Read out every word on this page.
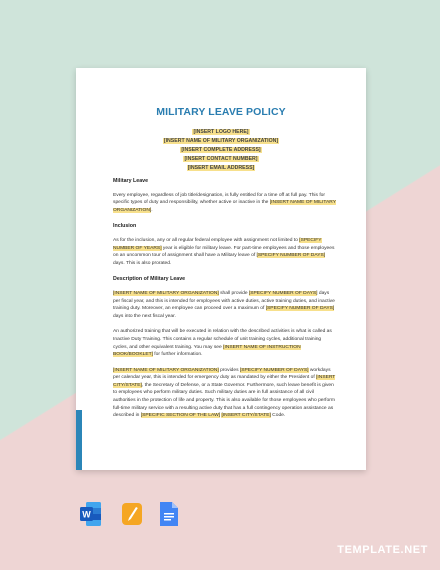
MILITARY LEAVE POLICY
[INSERT LOGO HERE]
[INSERT NAME OF MILITARY ORGANIZATION]
[INSERT COMPLETE ADDRESS]
[INSERT CONTACT NUMBER]
[INSERT EMAIL ADDRESS]
Military Leave

Every employee, regardless of job title/designation, is fully entitled for a time off at full pay. This for specific types of duty and responsibility, whether active or inactive in the [INSERT NAME OF MILITARY ORGANIZATION].

Inclusion

As for the inclusion, any or all regular federal employee with assignment not limited to [SPECIFY NUMBER OF YEARS] year is eligible for military leave. For part-time employees and those employees on an uncommon tour of assignment shall have a Military leave of [SPECIFY NUMBER OF DAYS] days. This is also prorated.

Description of Military Leave

[INSERT NAME OF MILITARY ORGANIZATION] shall provide [SPECIFY NUMBER OF DAYS] days per fiscal year, and this is intended for employees with active duties, active training duties, and inactive training duty. Moreover, an employee can proceed over a maximum of [SPECIFY NUMBER OF DAYS] days into the next fiscal year.

An authorized training that will be executed in relation with the described activities is what is called as Inactive Duty Training. This contains a regular schedule of unit training cycles, additional training cycles, and other equivalent training. You may see [INSERT NAME OF INSTRUCTION BOOK/BOOKLET] for further information.

[INSERT NAME OF MILITARY ORGANIZATION] provides [SPECIFY NUMBER OF DAYS] workdays per calendar year, this is intended for emergency duty as mandated by either the President of [INSERT CITY/STATE], the Secretary of Defense, or a State Governor. Furthermore, such leave benefit is given to employees who perform military duties. Such military duties are in full assistance of all civil authorities in the protection of life and property. This is also available for those employees who perform full-time military service with a resulting active duty that has a full contingency operation assistance as described in [SPECIFIC SECTION OF THE LAW] [INSERT CITY/STATE] Code.

W
TEMPLATE.NET
